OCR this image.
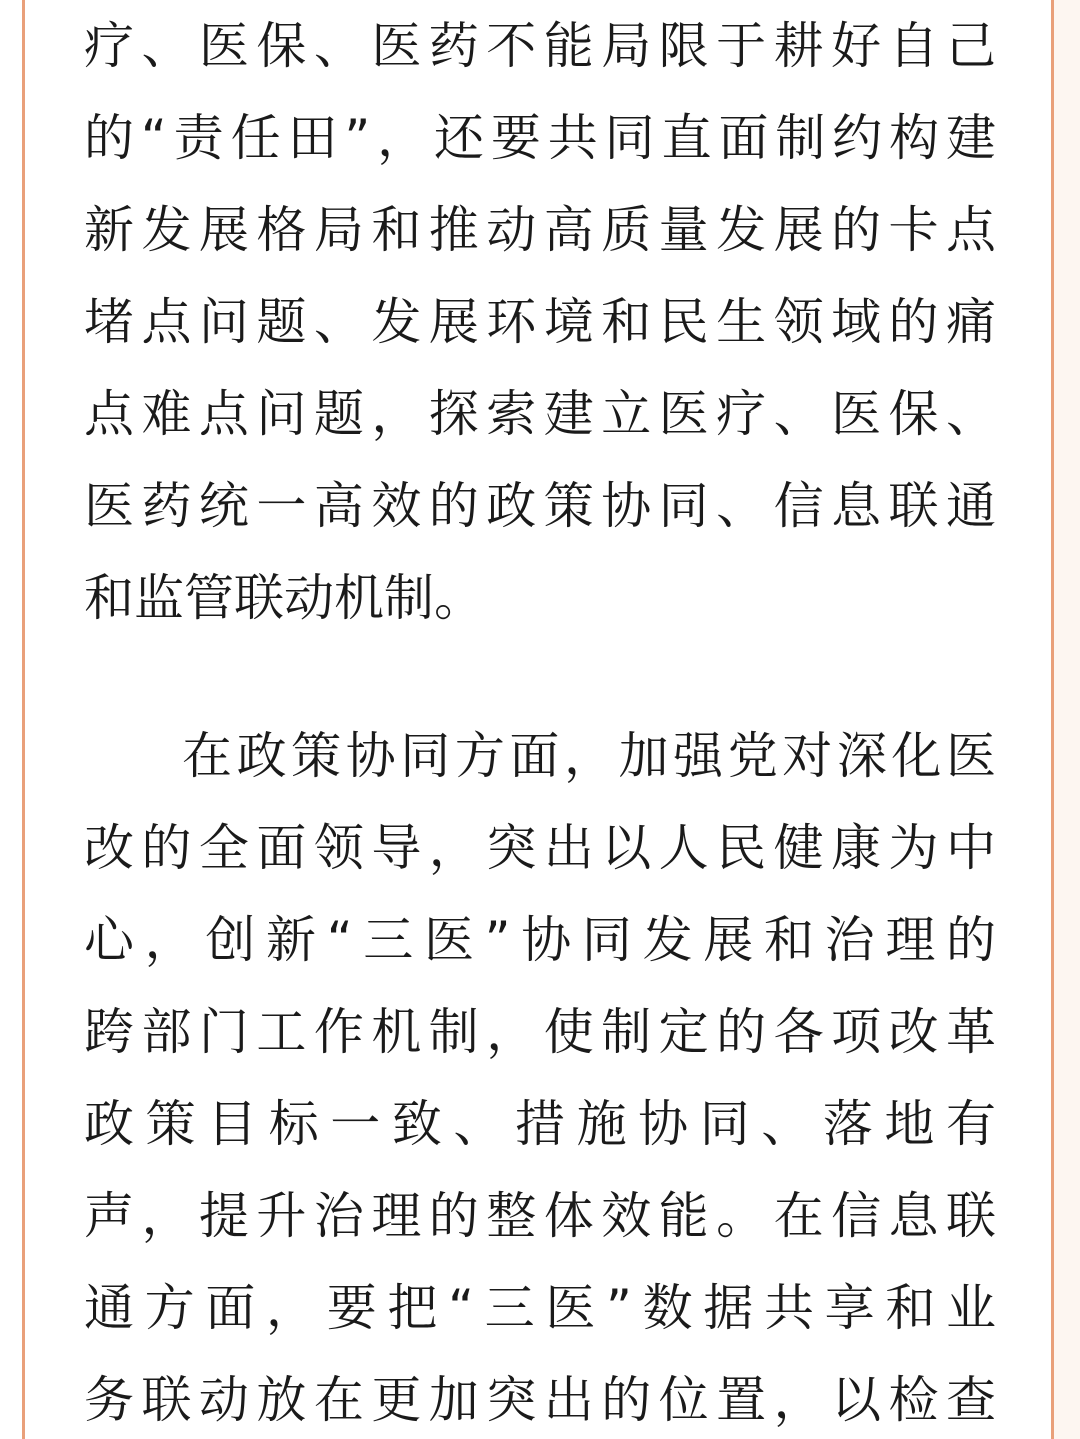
疗、医保、医药不能局限于耕好自己
的“责任田”，还要共同直面制约构建
新发展格局和推动高质量发展的卡点
堵点问题、发展环境和民生领域的痛
点难点问题，探索建立医疗、医保、
医药统一高效的政策协同、信息联通
和监管联动机制。
在政策协同方面，加强党对深化医
改的全面领导，突出以人民健康为中
心，创新“三医”协同发展和治理的
跨部门工作机制，使制定的各项改革
政策目标一致、措施协同、落地有
声，提升治理的整体效能。在信息联
通方面，要把“三医”数据共享和业
务联动放在更加突出的位置，以检查
